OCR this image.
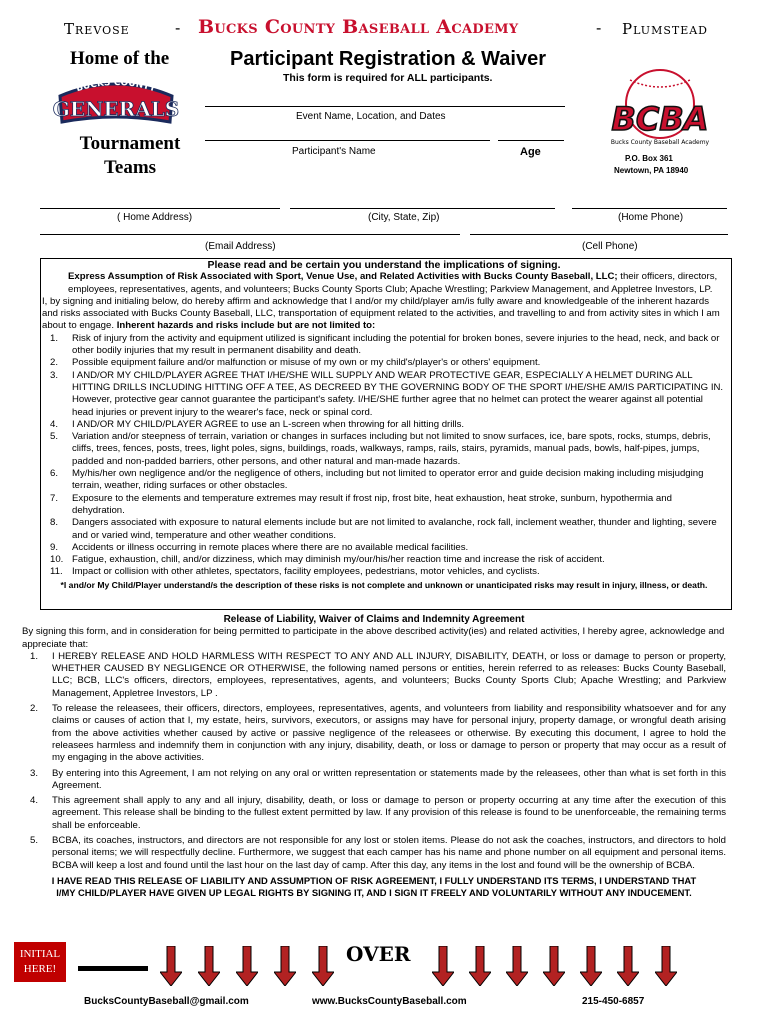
Trevose	- Bucks County Baseball Academy	- Plumstead
Home of the
BUCKS COUNTY
GENERALS
Tournament Teams
Participant Registration & Waiver
This form is required for ALL participants.
Event Name, Location, and Dates
Participant's Name	Age
BCBA
Bucks County Baseball Academy
P.O. Box 361
Newtown, PA 18940
( Home Address)	(City, State, Zip)	(Home Phone)
(Email Address)	(Cell Phone)
Please read and be certain you understand the implications of signing.
Express Assumption of Risk Associated with Sport, Venue Use, and Related Activities with Bucks County Baseball, LLC; their officers, directors, employees, representatives, agents, and volunteers; Bucks County Sports Club; Apache Wrestling; Parkview Management, and Appletree Investors, LP.
I, by signing and initialing below, do hereby affirm and acknowledge that I and/or my child/player am/is fully aware and knowledgeable of the inherent hazards and risks associated with Bucks County Baseball, LLC, transportation of equipment related to the activities, and travelling to and from activity sites in which I am about to engage. Inherent hazards and risks include but are not limited to:
1. Risk of injury from the activity and equipment utilized is significant including the potential for broken bones, severe injuries to the head, neck, and back or other bodily injuries that my result in permanent disability and death.
2. Possible equipment failure and/or malfunction or misuse of my own or my child's/player's or others' equipment.
3. I AND/OR MY CHILD/PLAYER AGREE THAT I/HE/SHE WILL SUPPLY AND WEAR PROTECTIVE GEAR, ESPECIALLY A HELMET DURING ALL HITTING DRILLS INCLUDING HITTING OFF A TEE, AS DECREED BY THE GOVERNING BODY OF THE SPORT I/HE/SHE AM/IS PARTICIPATING IN. However, protective gear cannot guarantee the participant's safety. I/HE/SHE further agree that no helmet can protect the wearer against all potential head injuries or prevent injury to the wearer's face, neck or spinal cord.
4. I AND/OR MY CHILD/PLAYER AGREE to use an L-screen when throwing for all hitting drills.
5. Variation and/or steepness of terrain, variation or changes in surfaces including but not limited to snow surfaces, ice, bare spots, rocks, stumps, debris, cliffs, trees, fences, posts, trees, light poles, signs, buildings, roads, walkways, ramps, rails, stairs, pyramids, manual pads, bowls, half-pipes, jumps, padded and non-padded barriers, other persons, and other natural and man-made hazards.
6. My/his/her own negligence and/or the negligence of others, including but not limited to operator error and guide decision making including misjudging terrain, weather, riding surfaces or other obstacles.
7. Exposure to the elements and temperature extremes may result if frost nip, frost bite, heat exhaustion, heat stroke, sunburn, hypothermia and dehydration.
8. Dangers associated with exposure to natural elements include but are not limited to avalanche, rock fall, inclement weather, thunder and lighting, severe and or varied wind, temperature and other weather conditions.
9. Accidents or illness occurring in remote places where there are no available medical facilities.
10. Fatigue, exhaustion, chill, and/or dizziness, which may diminish my/our/his/her reaction time and increase the risk of accident.
11. Impact or collision with other athletes, spectators, facility employees, pedestrians, motor vehicles, and cyclists.
*I and/or My Child/Player understand/s the description of these risks is not complete and unknown or unanticipated risks may result in injury, illness, or death.
Release of Liability, Waiver of Claims and Indemnity Agreement
By signing this form, and in consideration for being permitted to participate in the above described activity(ies) and related activities, I hereby agree, acknowledge and appreciate that:
1. I HEREBY RELEASE AND HOLD HARMLESS WITH RESPECT TO ANY AND ALL INJURY, DISABILITY, DEATH, or loss or damage to person or property, WHETHER CAUSED BY NEGLIGENCE OR OTHERWISE, the following named persons or entities, herein referred to as releases: Bucks County Baseball, LLC; BCB, LLC's officers, directors, employees, representatives, agents, and volunteers; Bucks County Sports Club; Apache Wrestling; and Parkview Management, Appletree Investors, LP .
2. To release the releasees, their officers, directors, employees, representatives, agents, and volunteers from liability and responsibility whatsoever and for any claims or causes of action that I, my estate, heirs, survivors, executors, or assigns may have for personal injury, property damage, or wrongful death arising from the above activities whether caused by active or passive negligence of the releasees or otherwise. By executing this document, I agree to hold the releasees harmless and indemnify them in conjunction with any injury, disability, death, or loss or damage to person or property that may occur as a result of my engaging in the above activities.
3. By entering into this Agreement, I am not relying on any oral or written representation or statements made by the releasees, other than what is set forth in this Agreement.
4. This agreement shall apply to any and all injury, disability, death, or loss or damage to person or property occurring at any time after the execution of this agreement. This release shall be binding to the fullest extent permitted by law. If any provision of this release is found to be unenforceable, the remaining terms shall be enforceable.
5. BCBA, its coaches, instructors, and directors are not responsible for any lost or stolen items. Please do not ask the coaches, instructors, and directors to hold personal items; we will respectfully decline. Furthermore, we suggest that each camper has his name and phone number on all equipment and personal items. BCBA will keep a lost and found until the last hour on the last day of camp. After this day, any items in the lost and found will be the ownership of BCBA.
I HAVE READ THIS RELEASE OF LIABILITY AND ASSUMPTION OF RISK AGREEMENT, I FULLY UNDERSTAND ITS TERMS, I UNDERSTAND THAT I/MY CHILD/PLAYER HAVE GIVEN UP LEGAL RIGHTS BY SIGNING IT, AND I SIGN IT FREELY AND VOLUNTARILY WITHOUT ANY INDUCEMENT.
INITIAL HERE!
OVER
BucksCountyBaseball@gmail.com	www.BucksCountyBaseball.com	215-450-6857
